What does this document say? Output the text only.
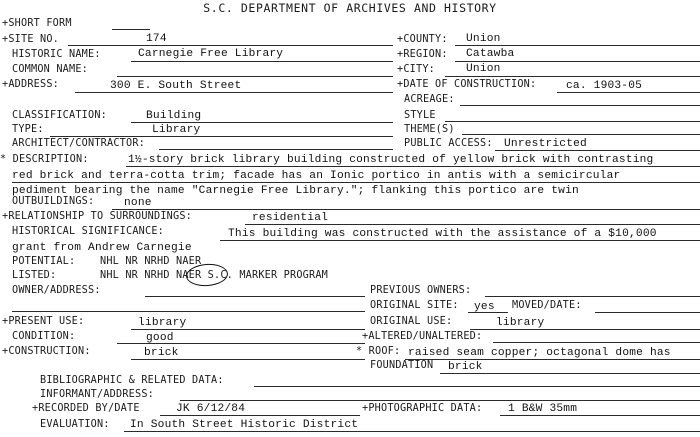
S.C. DEPARTMENT OF ARCHIVES AND HISTORY
+SHORT FORM
+SITE NO.	174	+COUNTY: Union
HISTORIC NAME:	Carnegie Free Library	+REGION: Catawba
COMMON NAME:	+CITY:	Union
+ADDRESS:	300 E. South Street	+DATE OF CONSTRUCTION:	ca. 1903-05
ACREAGE:
CLASSIFICATION:	Building	STYLE
TYPE:	Library	THEME(S)
ARCHITECT/CONTRACTOR:	PUBLIC ACCESS: Unrestricted
* DESCRIPTION:	1½-story brick library building constructed of yellow brick with contrasting
red brick and terra-cotta trim; facade has an Ionic portico in antis with a semicircular
pediment bearing the name "Carnegie Free Library."; flanking this portico are twin
OUTBUILDINGS:	none
+RELATIONSHIP TO SURROUNDINGS:	residential
HISTORICAL SIGNIFICANCE:	This building was constructed with the assistance of a $10,000
grant from Andrew Carnegie
POTENTIAL: NHL NR NRHD NAER
LISTED:	NHL NR NRHD NAER S.C. MARKER PROGRAM
OWNER/ADDRESS:	PREVIOUS OWNERS:
ORIGINAL SITE: yes MOVED/DATE:
+PRESENT USE:	library	ORIGINAL USE:	library
CONDITION:	good	+ALTERED/UNALTERED:
+CONSTRUCTION:	brick	* ROOF: raised seam copper; octagonal dome has
FOUNDATION brick
BIBLIOGRAPHIC & RELATED DATA:
INFORMANT/ADDRESS:
+RECORDED BY/DATE	JK 6/12/84	+PHOTOGRAPHIC DATA: 1 B&W 35mm
EVALUATION: In South Street Historic District
